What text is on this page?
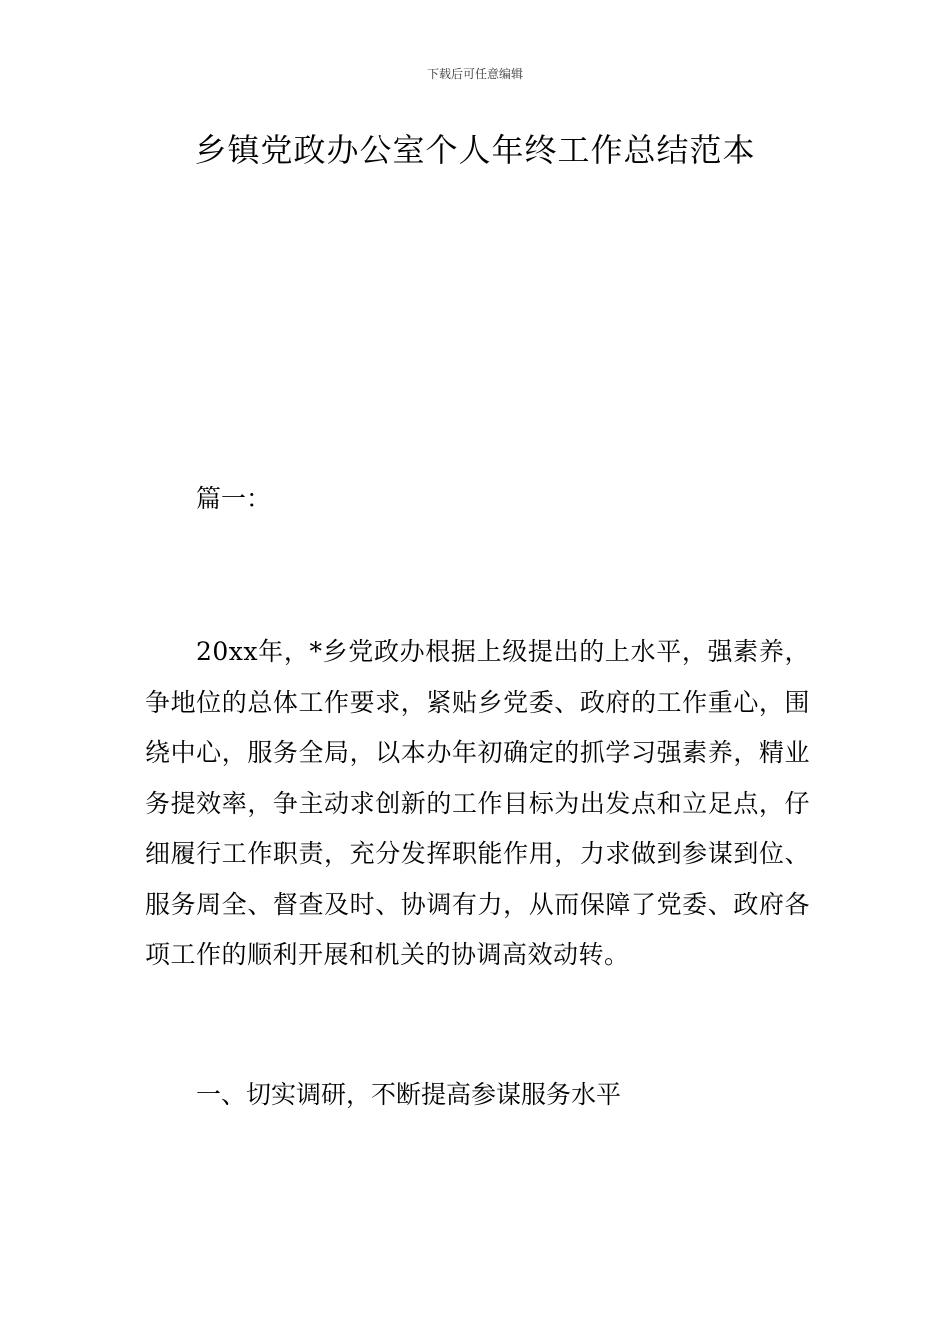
下载后可任意编辑
乡镇党政办公室个人年终工作总结范本

篇一：

20xx年，*乡党政办根据上级提出的上水平，强素养，争地位的总体工作要求，紧贴乡党委、政府的工作重心，围绕中心，服务全局，以本办年初确定的抓学习强素养，精业务提效率，争主动求创新的工作目标为出发点和立足点，仔细履行工作职责，充分发挥职能作用，力求做到参谋到位、服务周全、督查及时、协调有力，从而保障了党委、政府各项工作的顺利开展和机关的协调高效动转。

一、切实调研，不断提高参谋服务水平
